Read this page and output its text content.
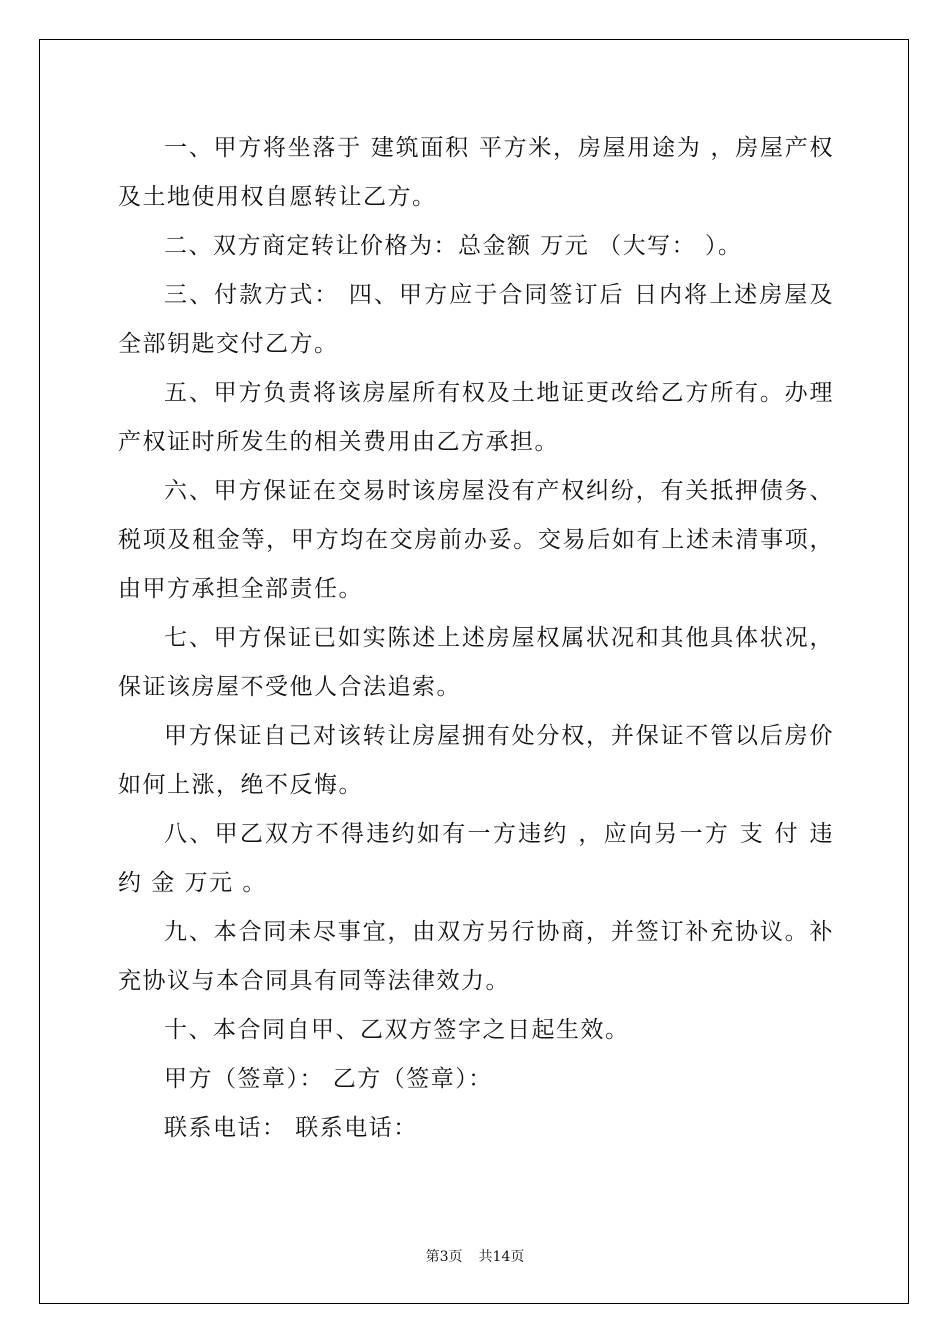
一、甲方将坐落于 建筑面积 平方米，房屋用途为 ，房屋产权及土地使用权自愿转让乙方。

二、双方商定转让价格为：总金额 万元 （大写： ）。

三、付款方式： 四、甲方应于合同签订后 日内将上述房屋及全部钥匙交付乙方。

五、甲方负责将该房屋所有权及土地证更改给乙方所有。办理产权证时所发生的相关费用由乙方承担。

六、甲方保证在交易时该房屋没有产权纠纷，有关抵押债务、税项及租金等，甲方均在交房前办妥。交易后如有上述未清事项，由甲方承担全部责任。

七、甲方保证已如实陈述上述房屋权属状况和其他具体状况，保证该房屋不受他人合法追索。

甲方保证自己对该转让房屋拥有处分权，并保证不管以后房价如何上涨，绝不反悔。

八、甲乙双方不得违约如有一方违约 ，应向另一方 支 付 违 约 金 万元 。

九、本合同未尽事宜，由双方另行协商，并签订补充协议。补充协议与本合同具有同等法律效力。

十、本合同自甲、乙双方签字之日起生效。

甲方（签章）： 乙方（签章）：

联系电话： 联系电话：

第3页 共14页
